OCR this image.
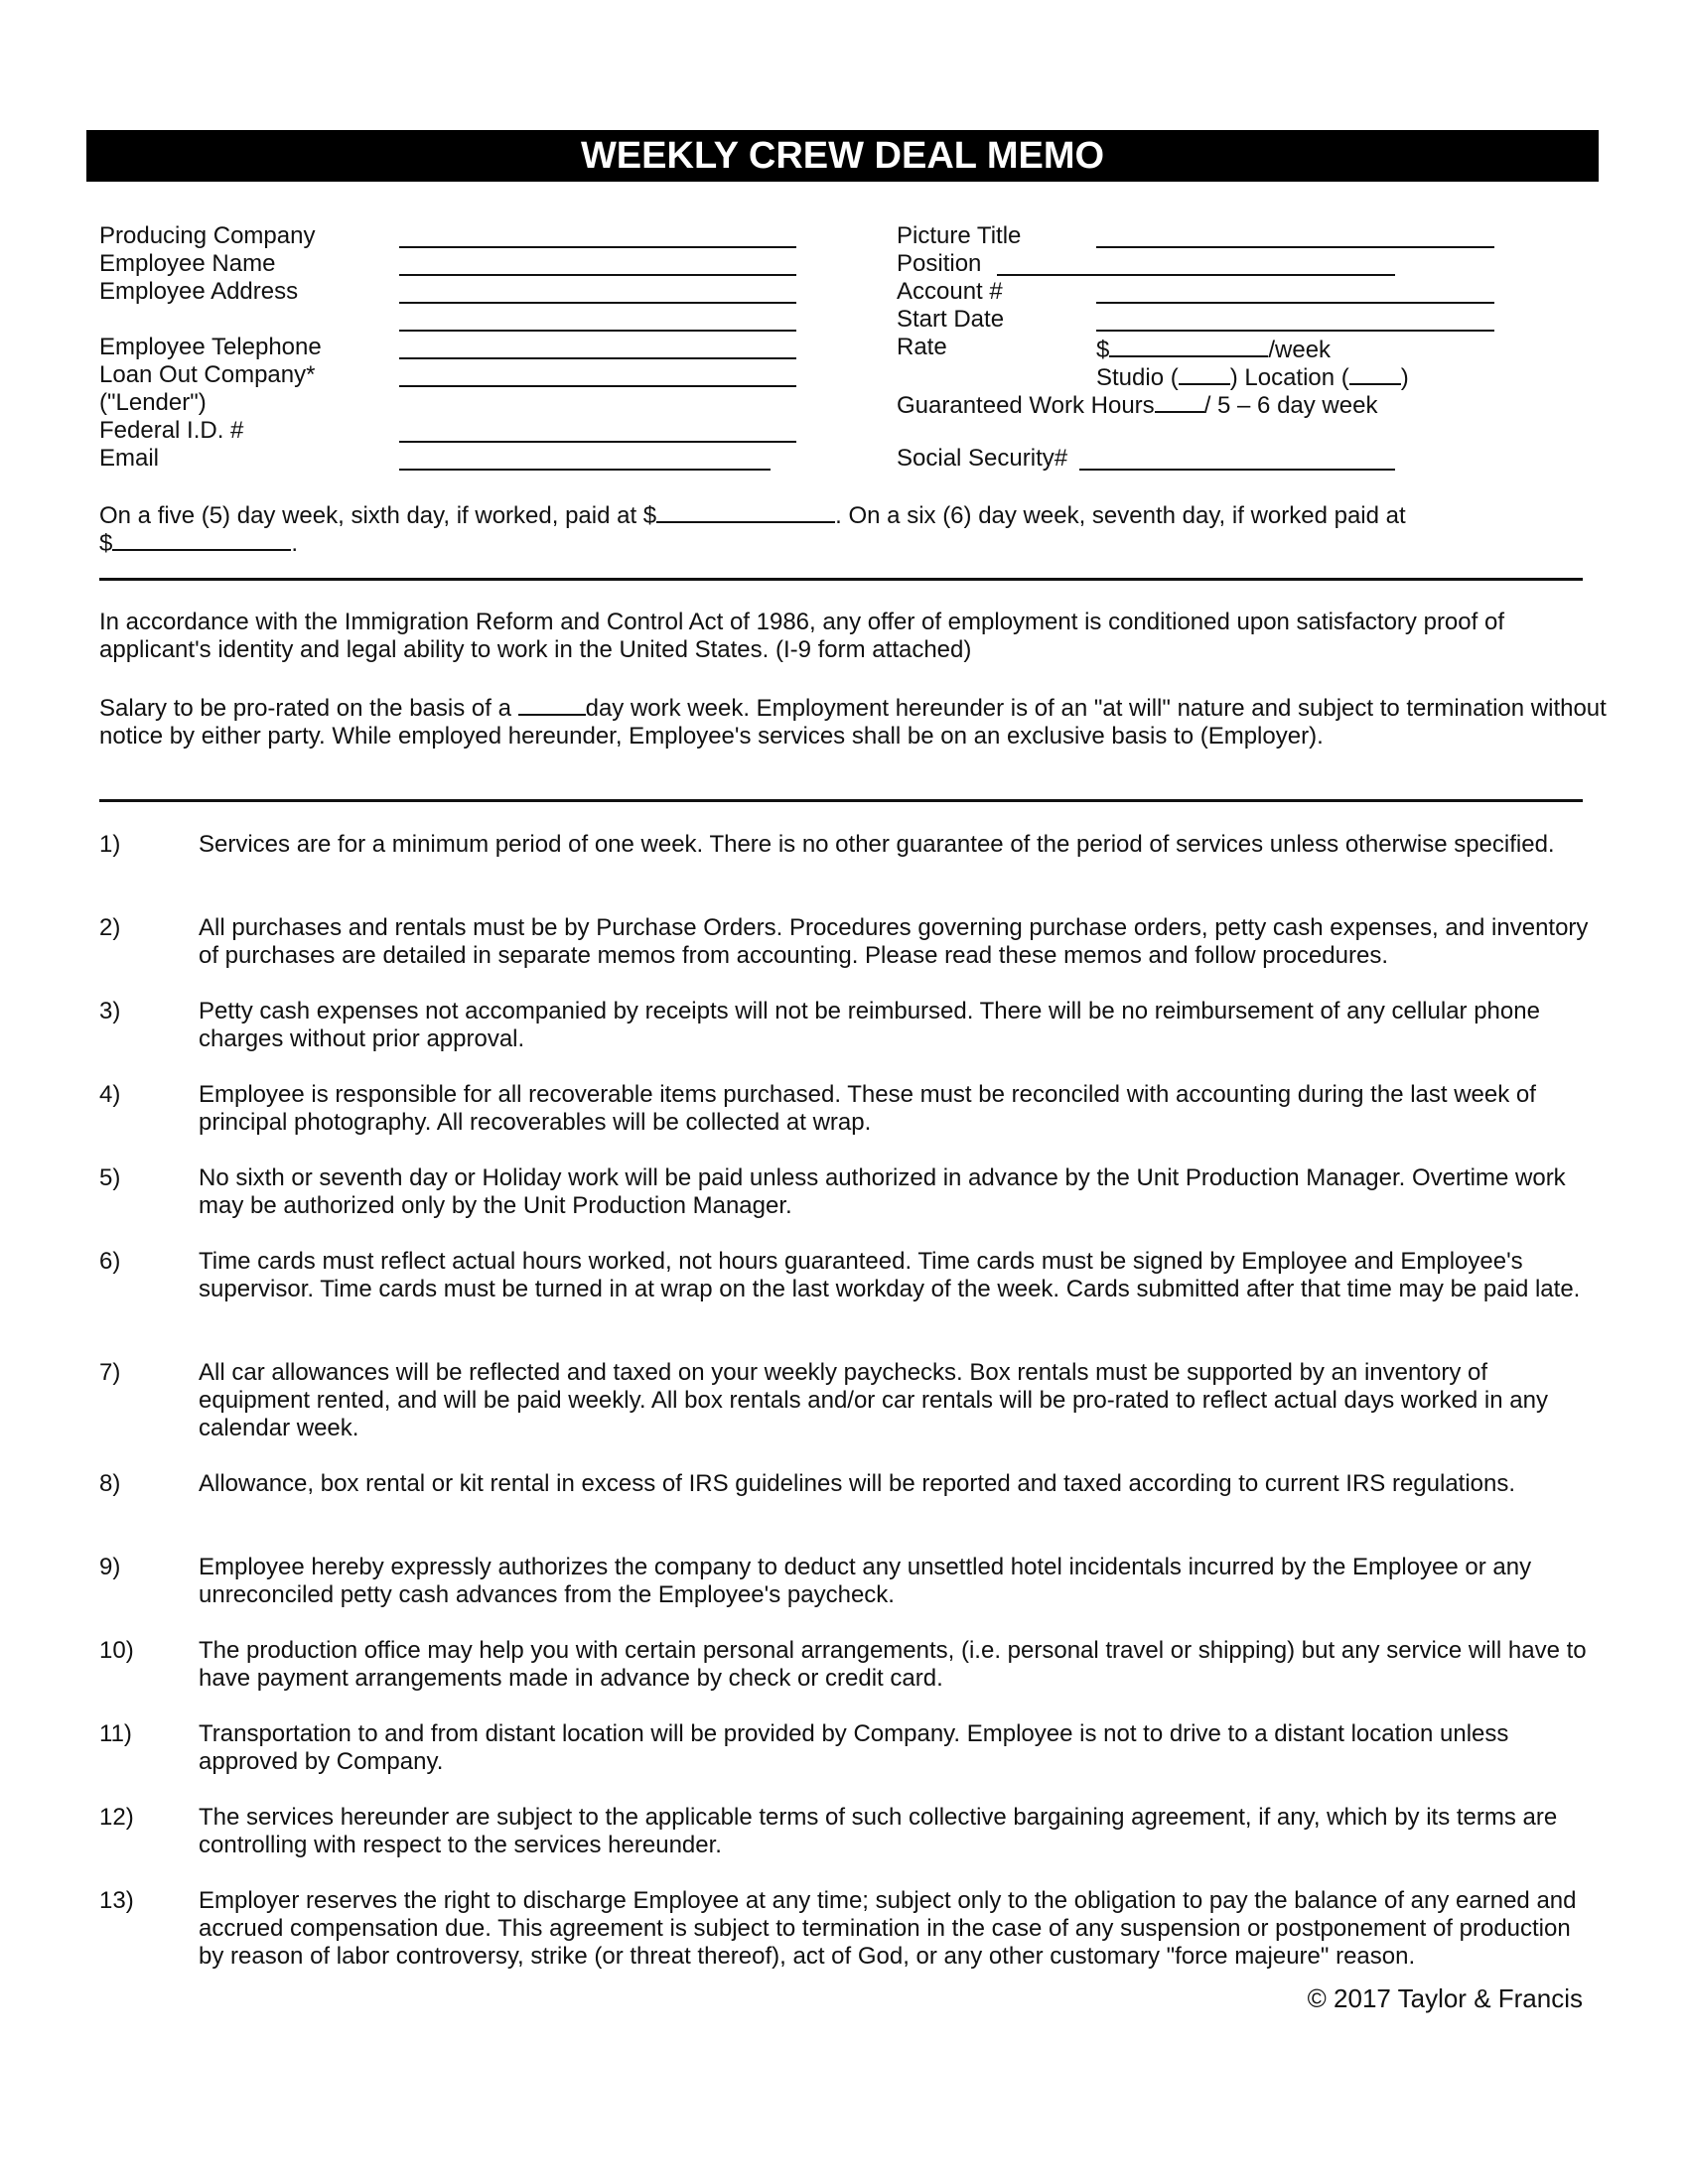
WEEKLY CREW DEAL MEMO
Producing Company
Employee Name
Employee Address
Employee Telephone
Loan Out Company*
("Lender")
Federal I.D. #
Email
Picture Title
Position
Account #
Start Date
Rate	$	/week
Studio ( ) Location ( )
Guaranteed Work Hours / 5 – 6 day week
Social Security#
On a five (5) day week, sixth day, if worked, paid at $	. On a six (6) day week, seventh day, if worked paid at
$	.
In accordance with the Immigration Reform and Control Act of 1986, any offer of employment is conditioned upon satisfactory proof of applicant's identity and legal ability to work in the United States. (I-9 form attached)
Salary to be pro-rated on the basis of a	day work week. Employment hereunder is of an "at will" nature and subject to termination without notice by either party. While employed hereunder, Employee's services shall be on an exclusive basis to (Employer).
1)	Services are for a minimum period of one week. There is no other guarantee of the period of services unless otherwise specified.
2)	All purchases and rentals must be by Purchase Orders. Procedures governing purchase orders, petty cash expenses, and inventory of purchases are detailed in separate memos from accounting. Please read these memos and follow procedures.
3)	Petty cash expenses not accompanied by receipts will not be reimbursed. There will be no reimbursement of any cellular phone charges without prior approval.
4)	Employee is responsible for all recoverable items purchased. These must be reconciled with accounting during the last week of principal photography. All recoverables will be collected at wrap.
5)	No sixth or seventh day or Holiday work will be paid unless authorized in advance by the Unit Production Manager. Overtime work may be authorized only by the Unit Production Manager.
6)	Time cards must reflect actual hours worked, not hours guaranteed. Time cards must be signed by Employee and Employee's supervisor. Time cards must be turned in at wrap on the last workday of the week. Cards submitted after that time may be paid late.
7)	All car allowances will be reflected and taxed on your weekly paychecks. Box rentals must be supported by an inventory of equipment rented, and will be paid weekly. All box rentals and/or car rentals will be pro-rated to reflect actual days worked in any calendar week.
8)	Allowance, box rental or kit rental in excess of IRS guidelines will be reported and taxed according to current IRS regulations.
9)	Employee hereby expressly authorizes the company to deduct any unsettled hotel incidentals incurred by the Employee or any unreconciled petty cash advances from the Employee's paycheck.
10)	The production office may help you with certain personal arrangements, (i.e. personal travel or shipping) but any service will have to have payment arrangements made in advance by check or credit card.
11)	Transportation to and from distant location will be provided by Company. Employee is not to drive to a distant location unless approved by Company.
12)	The services hereunder are subject to the applicable terms of such collective bargaining agreement, if any, which by its terms are controlling with respect to the services hereunder.
13)	Employer reserves the right to discharge Employee at any time; subject only to the obligation to pay the balance of any earned and accrued compensation due. This agreement is subject to termination in the case of any suspension or postponement of production by reason of labor controversy, strike (or threat thereof), act of God, or any other customary "force majeure" reason.
© 2017 Taylor & Francis
